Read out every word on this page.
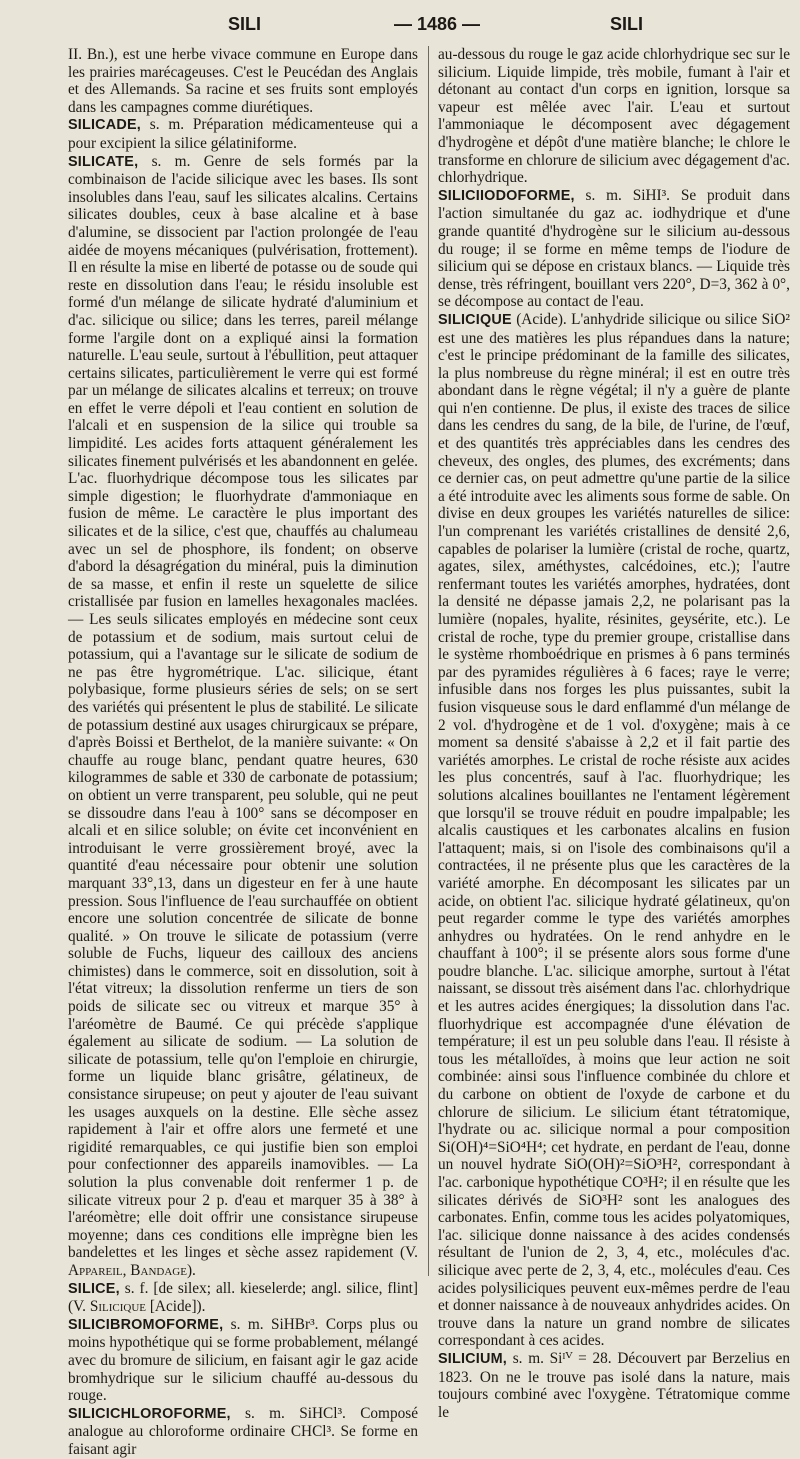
SILI	— 1486 —	SILI

II. Bn.), est une herbe vivace commune en Europe dans les prairies marécageuses. C'est le Peucédan des Anglais et des Allemands. Sa racine et ses fruits sont employés dans les campagnes comme diurétiques.

SILICADE, s. m. Préparation médicamenteuse qui a pour excipient la silice gélatiniforme.

SILICATE, s. m. Genre de sels formés par la combinaison de l'acide silicique avec les bases. Ils sont insolubles dans l'eau, sauf les silicates alcalins. Certains silicates doubles, ceux à base alcaline et à base d'alumine, se dissocient par l'action prolongée de l'eau aidée de moyens mécaniques (pulvérisation, frottement). Il en résulte la mise en liberté de potasse ou de soude qui reste en dissolution dans l'eau; le résidu insoluble est formé d'un mélange de silicate hydraté d'aluminium et d'ac. silicique ou silice; dans les terres, pareil mélange forme l'argile dont on a expliqué ainsi la formation naturelle. L'eau seule, surtout à l'ébullition, peut attaquer certains silicates, particulièrement le verre qui est formé par un mélange de silicates alcalins et terreux; on trouve en effet le verre dépoli et l'eau contient en solution de l'alcali et en suspension de la silice qui trouble sa limpidité. Les acides forts attaquent généralement les silicates finement pulvérisés et les abandonnent en gelée. L'ac. fluorhydrique décompose tous les silicates par simple digestion; le fluorhydrate d'ammoniaque en fusion de même. Le caractère le plus important des silicates et de la silice, c'est que, chauffés au chalumeau avec un sel de phosphore, ils fondent; on observe d'abord la désagrégation du minéral, puis la diminution de sa masse, et enfin il reste un squelette de silice cristallisée par fusion en lamelles hexagonales maclées. — Les seuls silicates employés en médecine sont ceux de potassium et de sodium, mais surtout celui de potassium, qui a l'avantage sur le silicate de sodium de ne pas être hygrométrique. L'ac. silicique, étant polybasique, forme plusieurs séries de sels; on se sert des variétés qui présentent le plus de stabilité. Le silicate de potassium destiné aux usages chirurgicaux se prépare, d'après Boissi et Berthelot, de la manière suivante: « On chauffe au rouge blanc, pendant quatre heures, 630 kilogrammes de sable et 330 de carbonate de potassium; on obtient un verre transparent, peu soluble, qui ne peut se dissoudre dans l'eau à 100° sans se décomposer en alcali et en silice soluble; on évite cet inconvénient en introduisant le verre grossièrement broyé, avec la quantité d'eau nécessaire pour obtenir une solution marquant 33°,13, dans un digesteur en fer à une haute pression. Sous l'influence de l'eau surchauffée on obtient encore une solution concentrée de silicate de bonne qualité. » On trouve le silicate de potassium (verre soluble de Fuchs, liqueur des cailloux des anciens chimistes) dans le commerce, soit en dissolution, soit à l'état vitreux; la dissolution renferme un tiers de son poids de silicate sec ou vitreux et marque 35° à l'aréomètre de Baumé. Ce qui précède s'applique également au silicate de sodium. — La solution de silicate de potassium, telle qu'on l'emploie en chirurgie, forme un liquide blanc grisâtre, gélatineux, de consistance sirupeuse; on peut y ajouter de l'eau suivant les usages auxquels on la destine. Elle sèche assez rapidement à l'air et offre alors une fermeté et une rigidité remarquables, ce qui justifie bien son emploi pour confectionner des appareils inamovibles. — La solution la plus convenable doit renfermer 1 p. de silicate vitreux pour 2 p. d'eau et marquer 35 à 38° à l'aréomètre; elle doit offrir une consistance sirupeuse moyenne; dans ces conditions elle imprègne bien les bandelettes et les linges et sèche assez rapidement (V. Appareil, Bandage).

SILICE, s. f. [de silex; all. kieselerde; angl. silice, flint] (V. Silicique [Acide]).

SILICIBROMOFORME, s. m. SiHBr³. Corps plus ou moins hypothétique qui se forme probablement, mélangé avec du bromure de silicium, en faisant agir le gaz acide bromhydrique sur le silicium chauffé au-dessous du rouge.

SILICICHLOROFORME, s. m. SiHCl³. Composé analogue au chloroforme ordinaire CHCl³. Se forme en faisant agir

au-dessous du rouge le gaz acide chlorhydrique sec sur le silicium. Liquide limpide, très mobile, fumant à l'air et détonant au contact d'un corps en ignition, lorsque sa vapeur est mêlée avec l'air. L'eau et surtout l'ammoniaque le décomposent avec dégagement d'hydrogène et dépôt d'une matière blanche; le chlore le transforme en chlorure de silicium avec dégagement d'ac. chlorhydrique.

SILICIIODOFORME, s. m. SiHI³. Se produit dans l'action simultanée du gaz ac. iodhydrique et d'une grande quantité d'hydrogène sur le silicium au-dessous du rouge; il se forme en même temps de l'iodure de silicium qui se dépose en cristaux blancs. — Liquide très dense, très réfringent, bouillant vers 220°, D=3, 362 à 0°, se décompose au contact de l'eau.

SILICIQUE (Acide). L'anhydride silicique ou silice SiO² est une des matières les plus répandues dans la nature; c'est le principe prédominant de la famille des silicates, la plus nombreuse du règne minéral; il est en outre très abondant dans le règne végétal; il n'y a guère de plante qui n'en contienne. De plus, il existe des traces de silice dans les cendres du sang, de la bile, de l'urine, de l'œuf, et des quantités très appréciables dans les cendres des cheveux, des ongles, des plumes, des excréments; dans ce dernier cas, on peut admettre qu'une partie de la silice a été introduite avec les aliments sous forme de sable. On divise en deux groupes les variétés naturelles de silice: l'un comprenant les variétés cristallines de densité 2,6, capables de polariser la lumière (cristal de roche, quartz, agates, silex, améthystes, calcédoines, etc.); l'autre renfermant toutes les variétés amorphes, hydratées, dont la densité ne dépasse jamais 2,2, ne polarisant pas la lumière (nopales, hyalite, résinites, geysérite, etc.). Le cristal de roche, type du premier groupe, cristallise dans le système rhomboédrique en prismes à 6 pans terminés par des pyramides régulières à 6 faces; raye le verre; infusible dans nos forges les plus puissantes, subit la fusion visqueuse sous le dard enflammé d'un mélange de 2 vol. d'hydrogène et de 1 vol. d'oxygène; mais à ce moment sa densité s'abaisse à 2,2 et il fait partie des variétés amorphes. Le cristal de roche résiste aux acides les plus concentrés, sauf à l'ac. fluorhydrique; les solutions alcalines bouillantes ne l'entament légèrement que lorsqu'il se trouve réduit en poudre impalpable; les alcalis caustiques et les carbonates alcalins en fusion l'attaquent; mais, si on l'isole des combinaisons qu'il a contractées, il ne présente plus que les caractères de la variété amorphe. En décomposant les silicates par un acide, on obtient l'ac. silicique hydraté gélatineux, qu'on peut regarder comme le type des variétés amorphes anhydres ou hydratées. On le rend anhydre en le chauffant à 100°; il se présente alors sous forme d'une poudre blanche. L'ac. silicique amorphe, surtout à l'état naissant, se dissout très aisément dans l'ac. chlorhydrique et les autres acides énergiques; la dissolution dans l'ac. fluorhydrique est accompagnée d'une élévation de température; il est un peu soluble dans l'eau. Il résiste à tous les métalloïdes, à moins que leur action ne soit combinée: ainsi sous l'influence combinée du chlore et du carbone on obtient de l'oxyde de carbone et du chlorure de silicium. Le silicium étant tétratomique, l'hydrate ou ac. silicique normal a pour composition Si(OH)⁴=SiO⁴H⁴; cet hydrate, en perdant de l'eau, donne un nouvel hydrate SiO(OH)²=SiO³H², correspondant à l'ac. carbonique hypothétique CO³H²; il en résulte que les silicates dérivés de SiO³H² sont les analogues des carbonates. Enfin, comme tous les acides polyatomiques, l'ac. silicique donne naissance à des acides condensés résultant de l'union de 2, 3, 4, etc., molécules d'ac. silicique avec perte de 2, 3, 4, etc., molécules d'eau. Ces acides polysiliciques peuvent eux-mêmes perdre de l'eau et donner naissance à de nouveaux anhydrides acides. On trouve dans la nature un grand nombre de silicates correspondant à ces acides.

SILICIUM, s. m. Siᴵⱽ = 28. Découvert par Berzelius en 1823. On ne le trouve pas isolé dans la nature, mais toujours combiné avec l'oxygène. Tétratomique comme le
